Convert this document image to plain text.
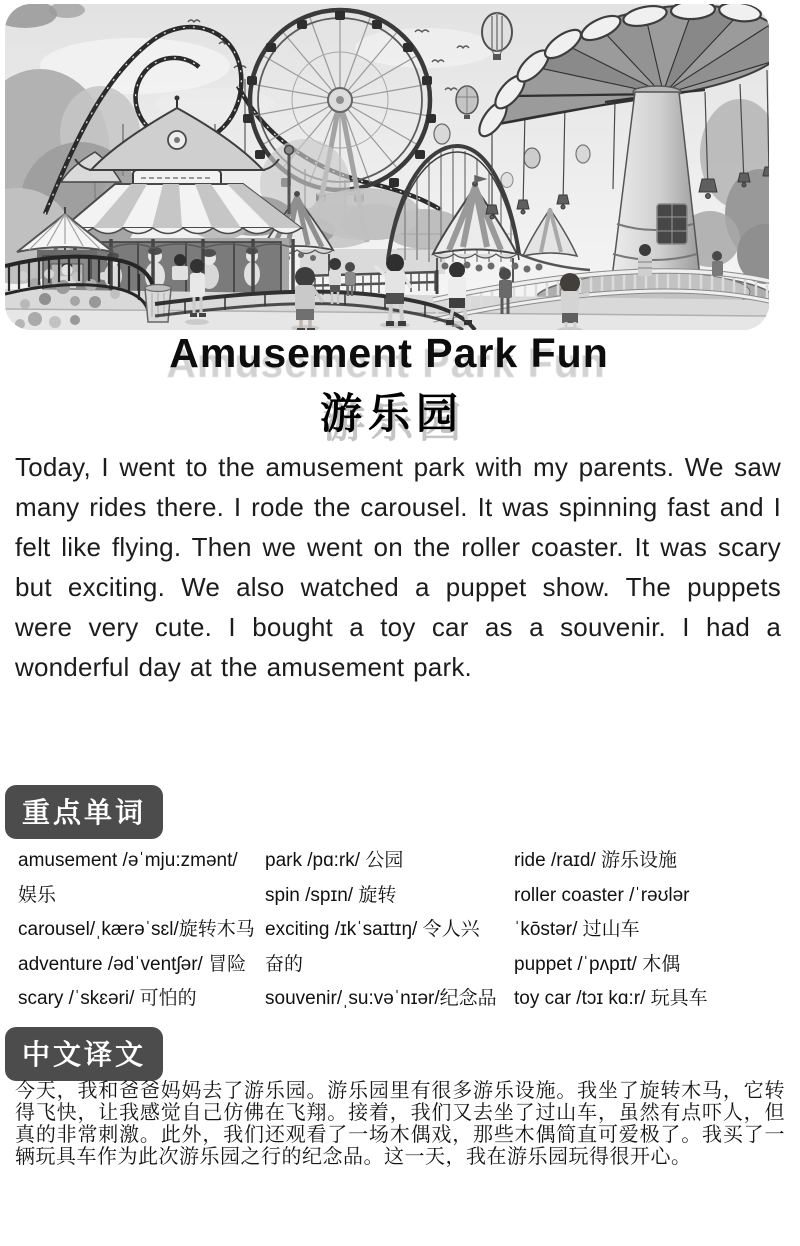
Amusement Park Fun
游乐园
Today, I went to the amusement park with my parents. We saw many rides there. I rode the carousel. It was spinning fast and I felt like flying. Then we went on the roller coaster. It was scary but exciting. We also watched a puppet show. The puppets were very cute. I bought a toy car as a souvenir. I had a wonderful day at the amusement park.
重点单词
amusement /əˈmju:zmənt/
娱乐
carousel/ˌkærəˈsɛl/旋转木马
adventure /ədˈventʃər/ 冒险
scary /ˈskɛəri/ 可怕的
park /pɑ:rk/ 公园
spin /spɪn/ 旋转
exciting /ɪkˈsaɪtɪŋ/ 令人兴
奋的
souvenir/ˌsu:vəˈnɪər/纪念品
ride /raɪd/ 游乐设施
roller coaster /ˈrəʊlər
ˈkōstər/ 过山车
puppet /ˈpʌpɪt/ 木偶
toy car /tɔɪ kɑ:r/ 玩具车
中文译文
今天，我和爸爸妈妈去了游乐园。游乐园里有很多游乐设施。我坐了旋转木马，它转得飞快，让我感觉自己仿佛在飞翔。接着，我们又去坐了过山车，虽然有点吓人，但真的非常刺激。此外，我们还观看了一场木偶戏，那些木偶简直可爱极了。我买了一辆玩具车作为此次游乐园之行的纪念品。这一天，我在游乐园玩得很开心。
